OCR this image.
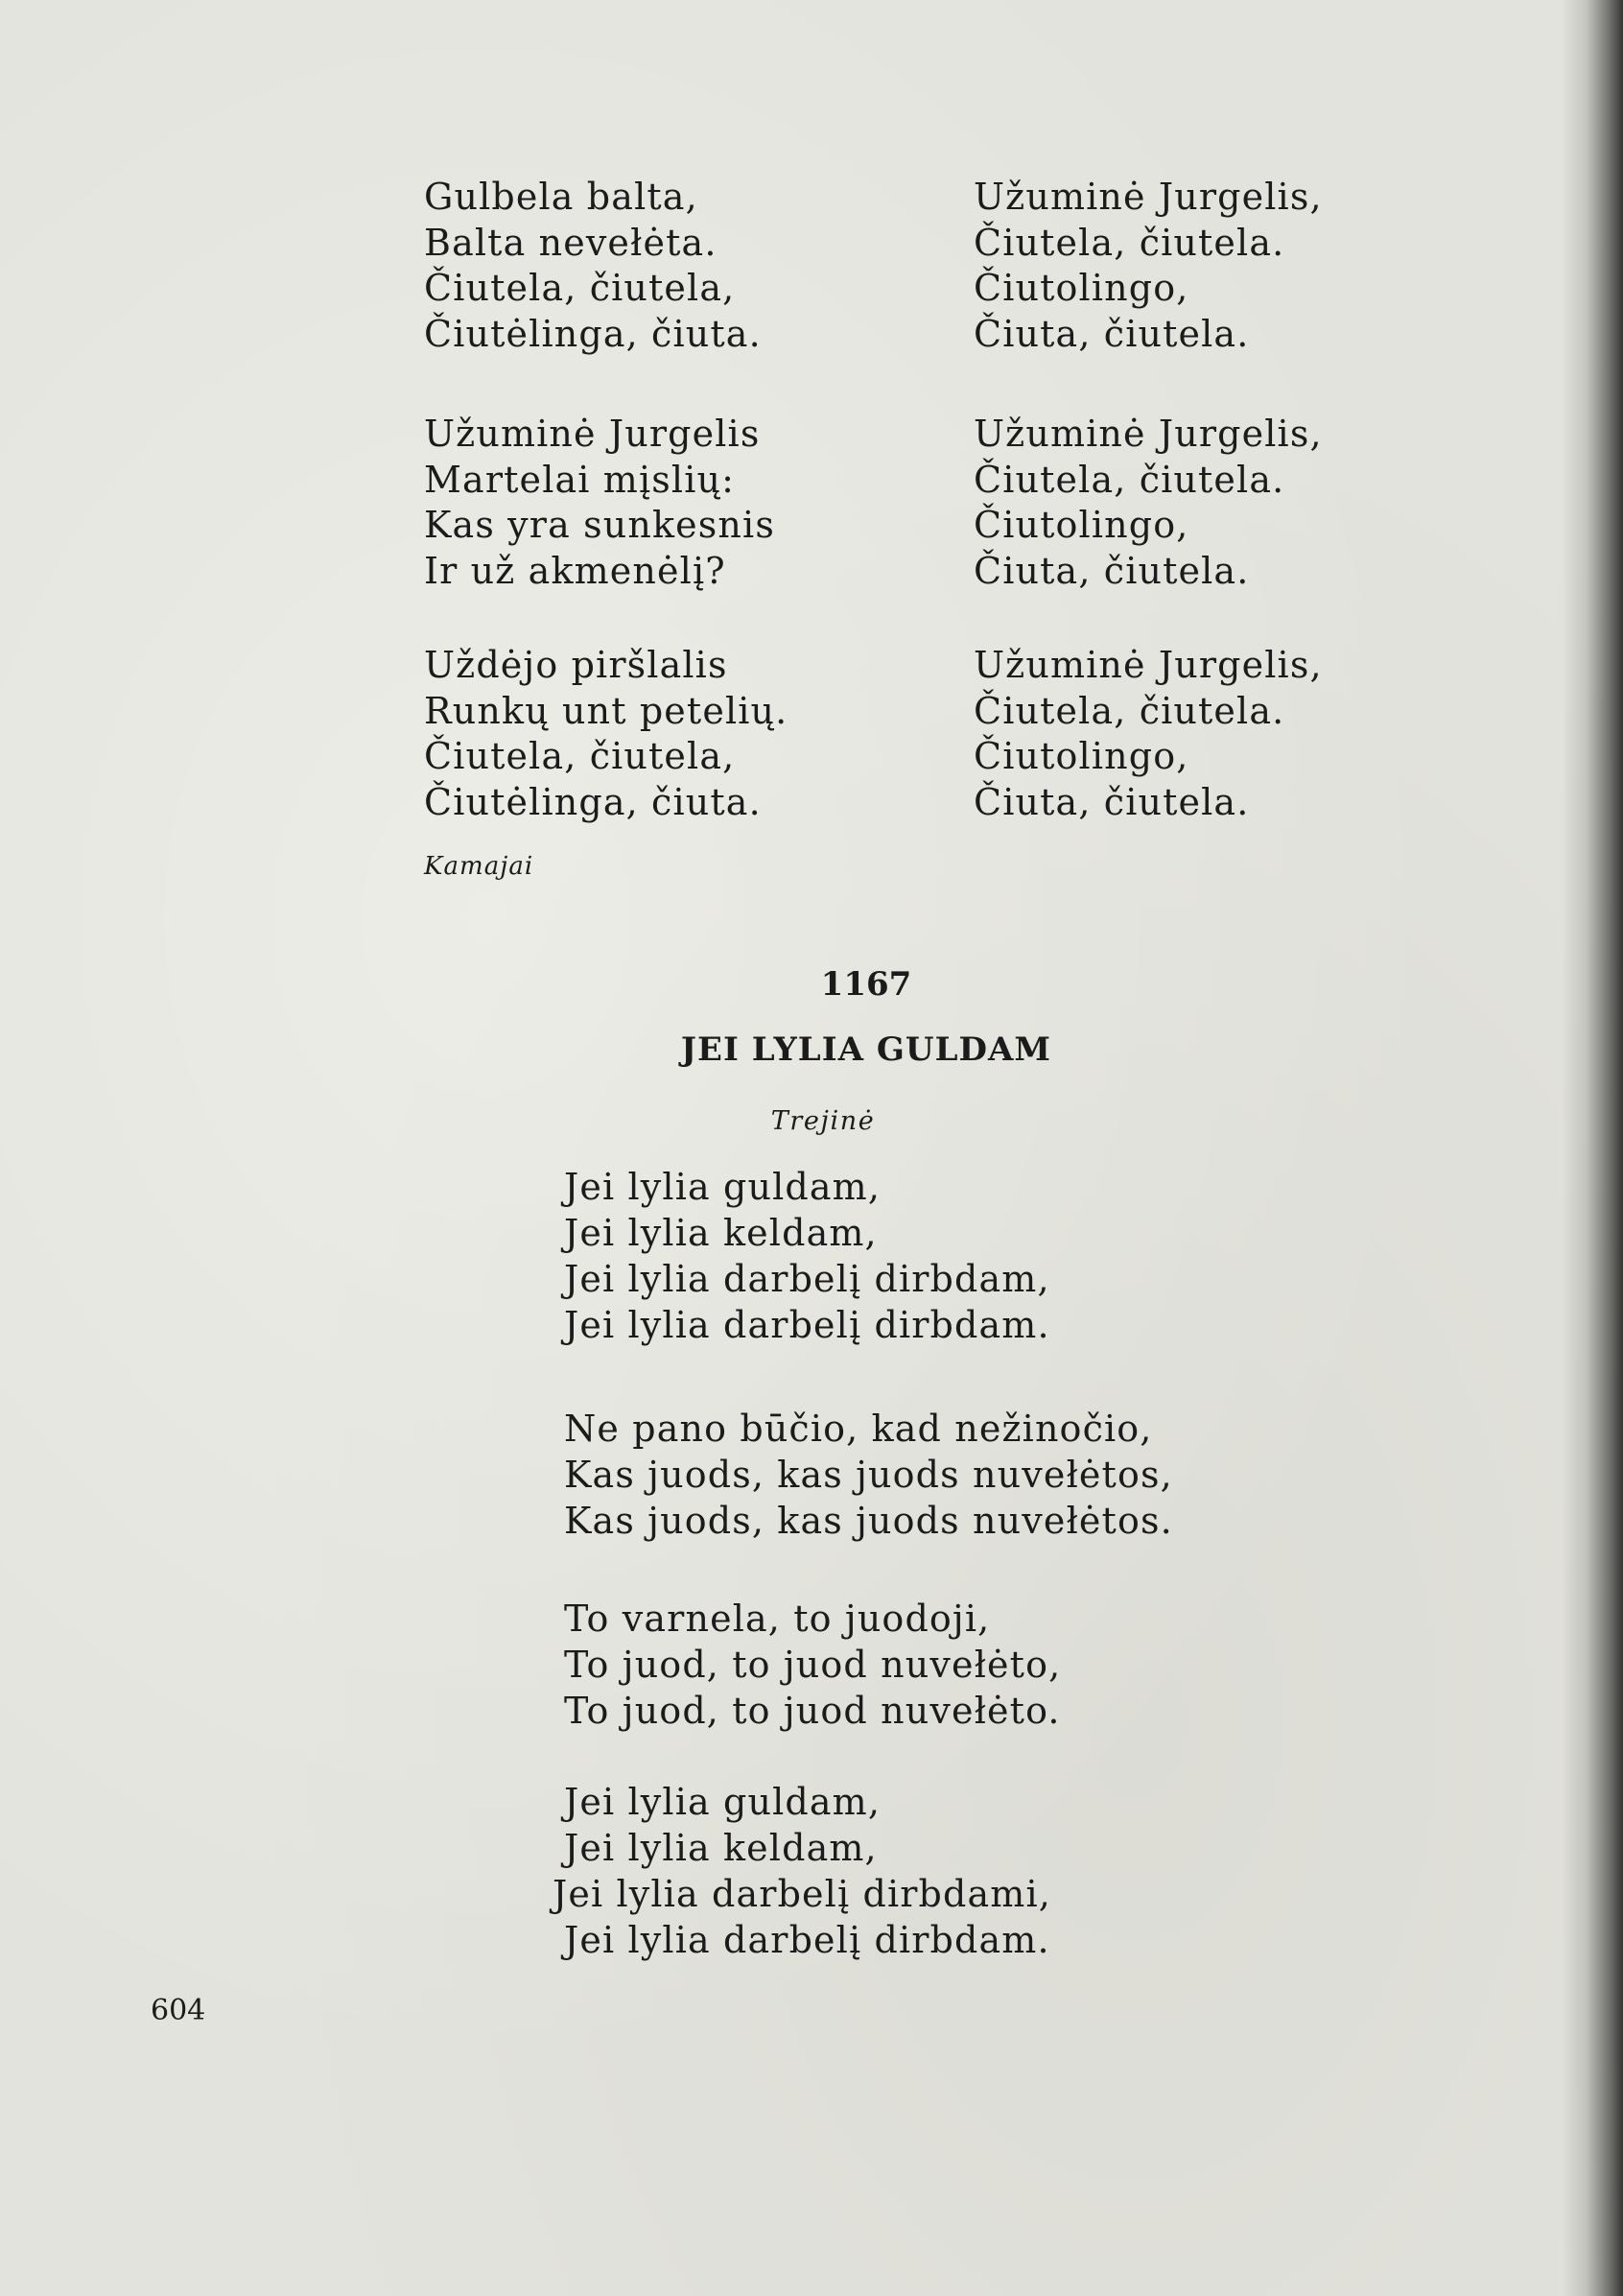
Gulbela balta,
Balta nevełėta.
Čiutela, čiutela,
Čiutėlinga, čiuta.
Užuminė Jurgelis,
Čiutela, čiutela.
Čiutolingo,
Čiuta, čiutela.
Užuminė Jurgelis
Martelai mįslių:
Kas yra sunkesnis
Ir už akmenėlį?
Užuminė Jurgelis,
Čiutela, čiutela.
Čiutolingo,
Čiuta, čiutela.
Uždėjo piršlalis
Runkų unt petelių.
Čiutela, čiutela,
Čiutėlinga, čiuta.
Užuminė Jurgelis,
Čiutela, čiutela.
Čiutolingo,
Čiuta, čiutela.
Kamajai
1167
JEI LYLIA GULDAM
Trejinė
Jei lylia guldam,
Jei lylia keldam,
Jei lylia darbelį dirbdam,
Jei lylia darbelį dirbdam.
Ne pano būčio, kad nežinočio,
Kas juods, kas juods nuvełėtos,
Kas juods, kas juods nuvełėtos.
To varnela, to juodoji,
To juod, to juod nuvełėto,
To juod, to juod nuvełėto.
Jei lylia guldam,
Jei lylia keldam,
Jei lylia darbelį dirbdami,
Jei lylia darbelį dirbdam.
604
